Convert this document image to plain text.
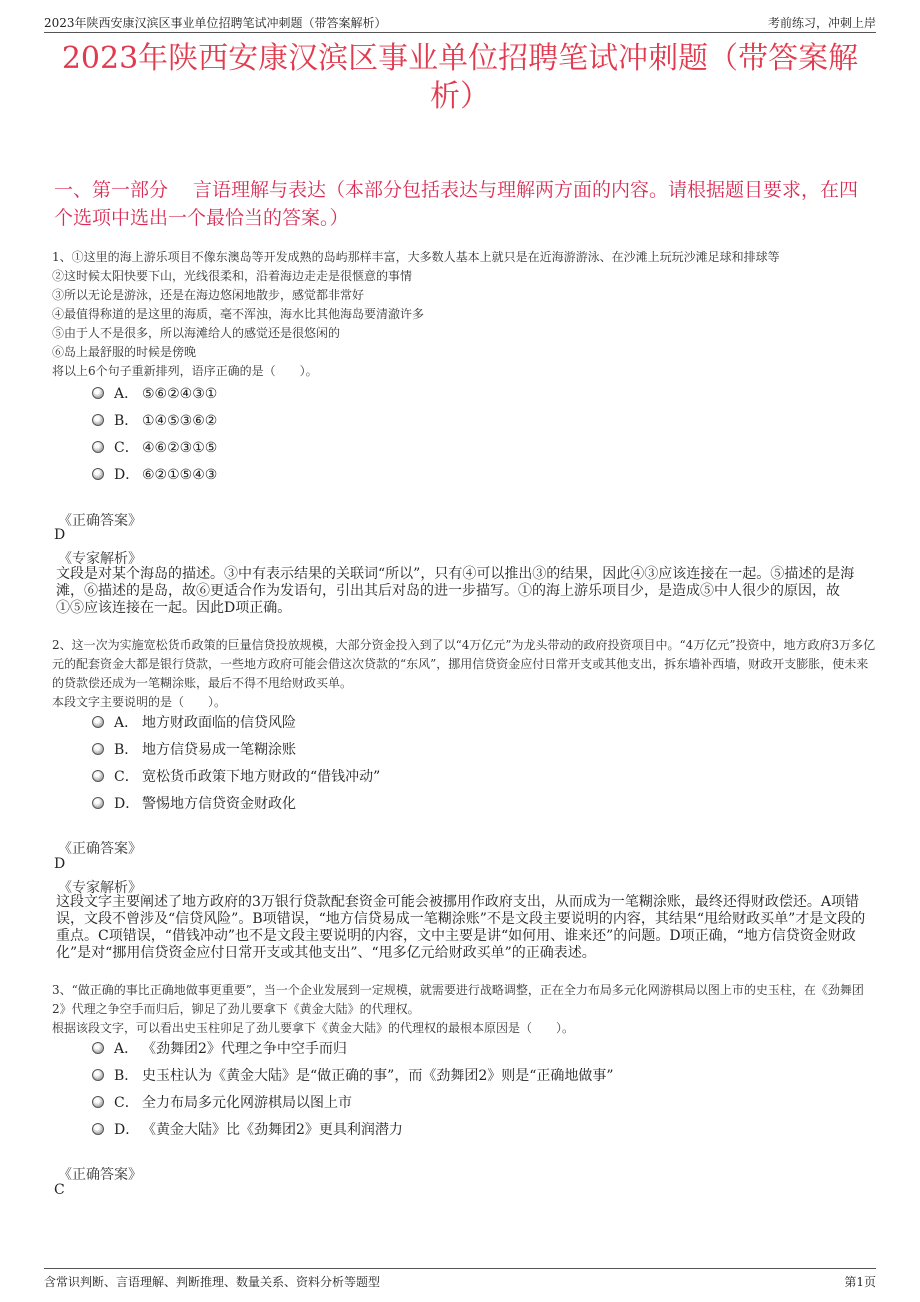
2023年陕西安康汉滨区事业单位招聘笔试冲刺题（带答案解析）	考前练习，冲刺上岸
2023年陕西安康汉滨区事业单位招聘笔试冲刺题（带答案解析）
一、第一部分　 言语理解与表达（本部分包括表达与理解两方面的内容。请根据题目要求，在四个选项中选出一个最恰当的答案。）

1、①这里的海上游乐项目不像东澳岛等开发成熟的岛屿那样丰富，大多数人基本上就只是在近海游游泳、在沙滩上玩玩沙滩足球和排球等

②这时候太阳快要下山，光线很柔和，沿着海边走走是很惬意的事情

③所以无论是游泳，还是在海边悠闲地散步，感觉都非常好

④最值得称道的是这里的海质，毫不浑浊，海水比其他海岛要清澈许多

⑤由于人不是很多，所以海滩给人的感觉还是很悠闲的

⑥岛上最舒服的时候是傍晚

将以上6个句子重新排列，语序正确的是（　　）。

A． ⑤⑥②④③①
B． ①④⑤③⑥②
C． ④⑥②③①⑤
D． ⑥②①⑤④③
《正确答案》
D
《专家解析》

文段是对某个海岛的描述。③中有表示结果的关联词“所以”，只有④可以推出③的结果，因此④③应该连接在一起。⑤描述的是海滩，⑥描述的是岛，故⑥更适合作为发语句，引出其后对岛的进一步描写。①的海上游乐项目少，是造成⑤中人很少的原因，故①⑤应该连接在一起。因此D项正确。

2、这一次为实施宽松货币政策的巨量信贷投放规模，大部分资金投入到了以“4万亿元”为龙头带动的政府投资项目中。“4万亿元”投资中，地方政府3万多亿元的配套资金大都是银行贷款，一些地方政府可能会借这次贷款的“东风”，挪用信贷资金应付日常开支或其他支出，拆东墙补西墙，财政开支膨胀，使未来的贷款偿还成为一笔糊涂账，最后不得不甩给财政买单。

本段文字主要说明的是（　　）。

A． 地方财政面临的信贷风险
B． 地方信贷易成一笔糊涂账
C． 宽松货币政策下地方财政的“借钱冲动”
D． 警惕地方信贷资金财政化
《正确答案》
D
《专家解析》

这段文字主要阐述了地方政府的3万银行贷款配套资金可能会被挪用作政府支出，从而成为一笔糊涂账，最终还得财政偿还。A项错误，文段不曾涉及“信贷风险”。B项错误，“地方信贷易成一笔糊涂账”不是文段主要说明的内容，其结果“甩给财政买单”才是文段的重点。C项错误，“借钱冲动”也不是文段主要说明的内容，文中主要是讲“如何用、谁来还”的问题。D项正确，“地方信贷资金财政化”是对“挪用信贷资金应付日常开支或其他支出”、“甩多亿元给财政买单”的正确表述。

3、“做正确的事比正确地做事更重要”，当一个企业发展到一定规模，就需要进行战略调整，正在全力布局多元化网游棋局以图上市的史玉柱，在《劲舞团2》代理之争空手而归后，铆足了劲儿要拿下《黄金大陆》的代理权。

根据该段文字，可以看出史玉柱卯足了劲儿要拿下《黄金大陆》的代理权的最根本原因是（　　）。

A． 《劲舞团2》代理之争中空手而归
B． 史玉柱认为《黄金大陆》是“做正确的事”，而《劲舞团2》则是“正确地做事”
C． 全力布局多元化网游棋局以图上市
D． 《黄金大陆》比《劲舞团2》更具利润潜力
《正确答案》
C
含常识判断、言语理解、判断推理、数量关系、资料分析等题型	第1页
